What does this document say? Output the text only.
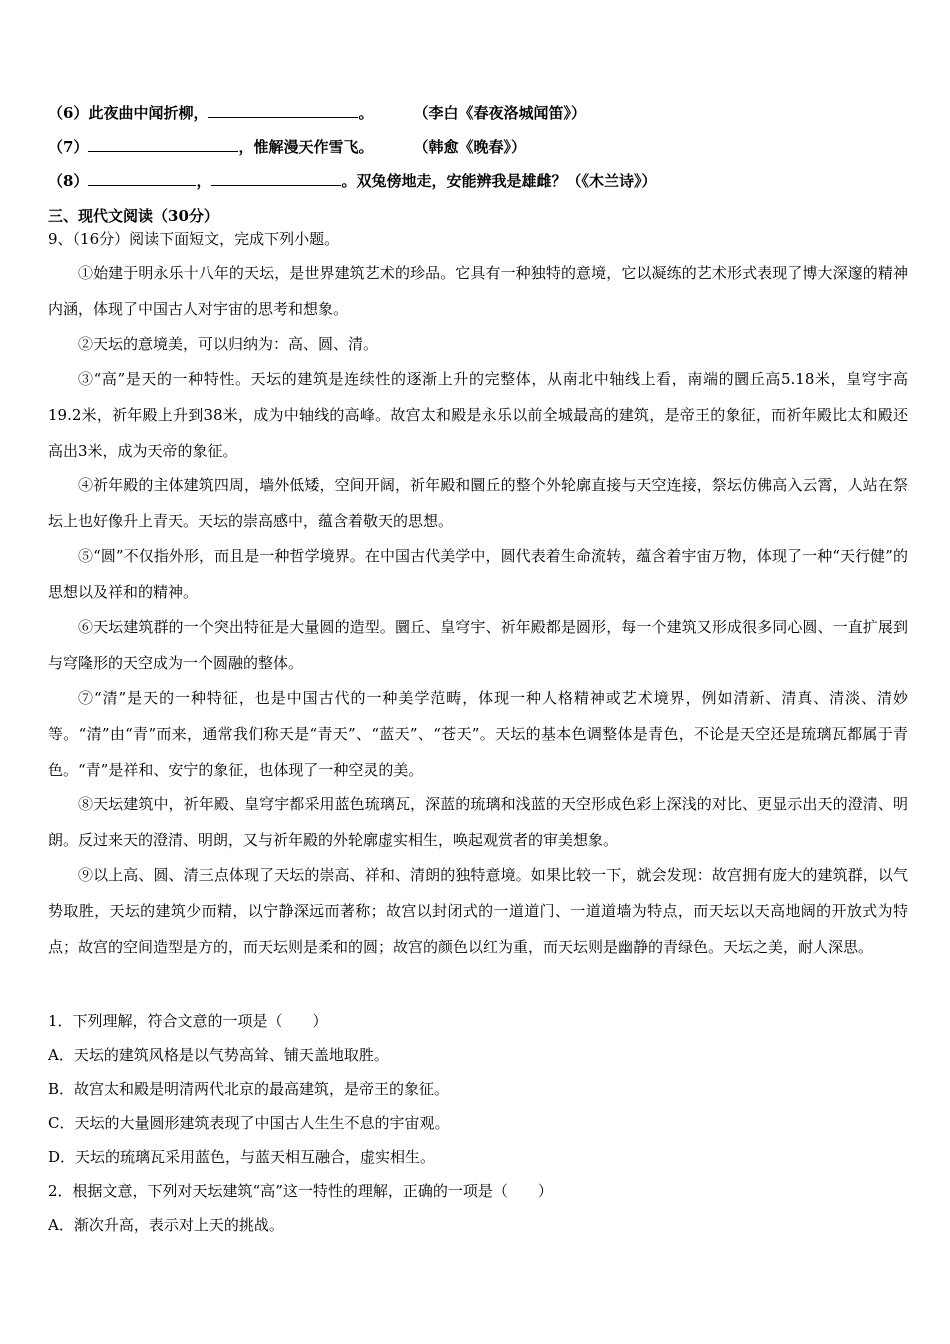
（6）此夜曲中闻折柳，	。	（李白《春夜洛城闻笛》）
（7）	，惟解漫天作雪飞。	（韩愈《晚春》）
（8）	，	。双兔傍地走，安能辨我是雄雌？（《木兰诗》）
三、现代文阅读（30分）
9、（16分）阅读下面短文，完成下列小题。
①始建于明永乐十八年的天坛，是世界建筑艺术的珍品。它具有一种独特的意境，它以凝练的艺术形式表现了博大深邃的精神内涵，体现了中国古人对宇宙的思考和想象。
②天坛的意境美，可以归纳为：高、圆、清。
③“高”是天的一种特性。天坛的建筑是连续性的逐渐上升的完整体，从南北中轴线上看，南端的圜丘高5.18米，皇穹宇高19.2米，祈年殿上升到38米，成为中轴线的高峰。故宫太和殿是永乐以前全城最高的建筑，是帝王的象征，而祈年殿比太和殿还高出3米，成为天帝的象征。
④祈年殿的主体建筑四周，墙外低矮，空间开阔，祈年殿和圜丘的整个外轮廓直接与天空连接，祭坛仿佛高入云霄，人站在祭坛上也好像升上青天。天坛的崇高感中，蕴含着敬天的思想。
⑤“圆”不仅指外形，而且是一种哲学境界。在中国古代美学中，圆代表着生命流转，蕴含着宇宙万物，体现了一种“天行健”的思想以及祥和的精神。
⑥天坛建筑群的一个突出特征是大量圆的造型。圜丘、皇穹宇、祈年殿都是圆形，每一个建筑又形成很多同心圆、一直扩展到与穹隆形的天空成为一个圆融的整体。
⑦“清”是天的一种特征，也是中国古代的一种美学范畴，体现一种人格精神或艺术境界，例如清新、清真、清淡、清妙等。“清”由“青”而来，通常我们称天是“青天”、“蓝天”、“苍天”。天坛的基本色调整体是青色，不论是天空还是琉璃瓦都属于青色。“青”是祥和、安宁的象征，也体现了一种空灵的美。
⑧天坛建筑中，祈年殿、皇穹宇都采用蓝色琉璃瓦，深蓝的琉璃和浅蓝的天空形成色彩上深浅的对比、更显示出天的澄清、明朗。反过来天的澄清、明朗，又与祈年殿的外轮廓虚实相生，唤起观赏者的审美想象。
⑨以上高、圆、清三点体现了天坛的崇高、祥和、清朗的独特意境。如果比较一下，就会发现：故宫拥有庞大的建筑群，以气势取胜，天坛的建筑少而精，以宁静深远而著称；故宫以封闭式的一道道门、一道道墙为特点，而天坛以天高地阔的开放式为特点；故宫的空间造型是方的，而天坛则是柔和的圆；故宫的颜色以红为重，而天坛则是幽静的青绿色。天坛之美，耐人深思。
1．下列理解，符合文意的一项是（　　）
A．天坛的建筑风格是以气势高耸、铺天盖地取胜。
B．故宫太和殿是明清两代北京的最高建筑，是帝王的象征。
C．天坛的大量圆形建筑表现了中国古人生生不息的宇宙观。
D．天坛的琉璃瓦采用蓝色，与蓝天相互融合，虚实相生。
2．根据文意，下列对天坛建筑“高”这一特性的理解，正确的一项是（　　）
A．渐次升高，表示对上天的挑战。
